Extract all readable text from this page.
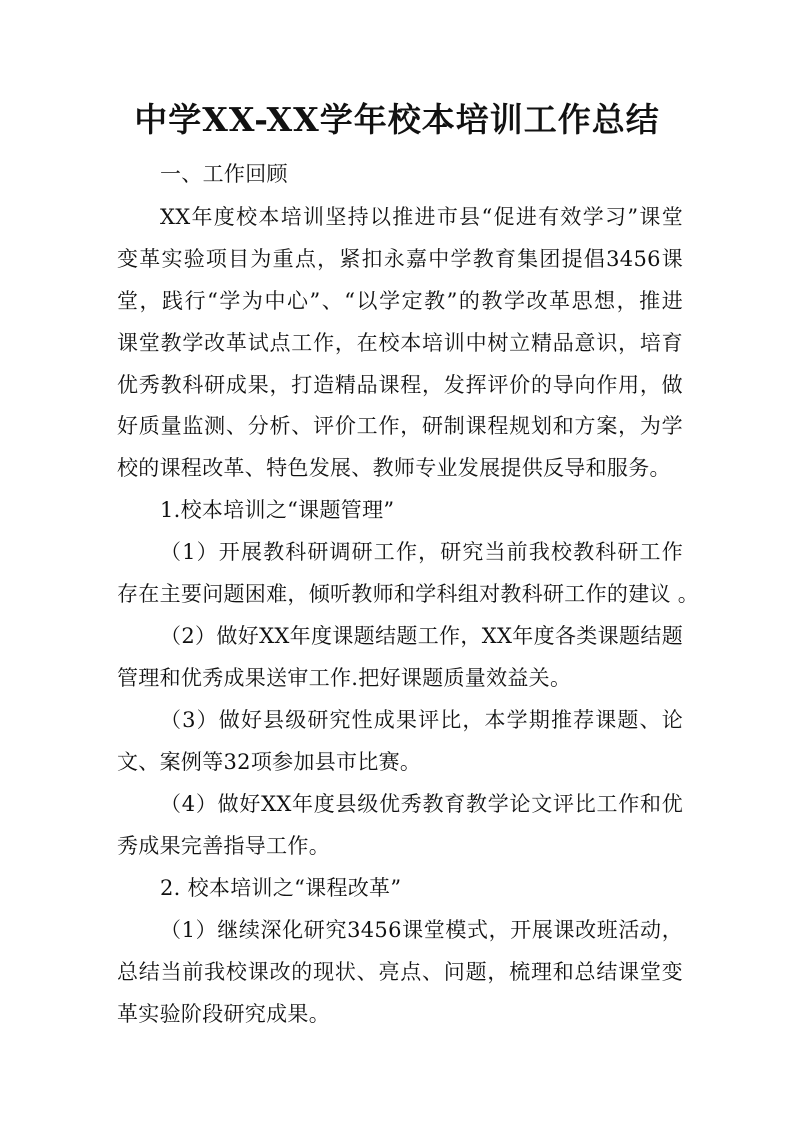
中学XX-XX学年校本培训工作总结
一、工作回顾
XX年度校本培训坚持以推进市县“促进有效学习”课堂
变革实验项目为重点，紧扣永嘉中学教育集团提倡3456课
堂，践行“学为中心”、“以学定教”的教学改革思想，推进
课堂教学改革试点工作，在校本培训中树立精品意识，培育
优秀教科研成果，打造精品课程，发挥评价的导向作用，做
好质量监测、分析、评价工作，研制课程规划和方案，为学
校的课程改革、特色发展、教师专业发展提供反导和服务。
1.校本培训之“课题管理”
（1）开展教科研调研工作，研究当前我校教科研工作
存在主要问题困难，倾听教师和学科组对教科研工作的建议 。
（2）做好XX年度课题结题工作，XX年度各类课题结题
管理和优秀成果送审工作.把好课题质量效益关。
（3）做好县级研究性成果评比，本学期推荐课题、论
文、案例等32项参加县市比赛。
（4）做好XX年度县级优秀教育教学论文评比工作和优
秀成果完善指导工作。
2. 校本培训之“课程改革”
（1）继续深化研究3456课堂模式，开展课改班活动，
总结当前我校课改的现状、亮点、问题，梳理和总结课堂变
革实验阶段研究成果。
